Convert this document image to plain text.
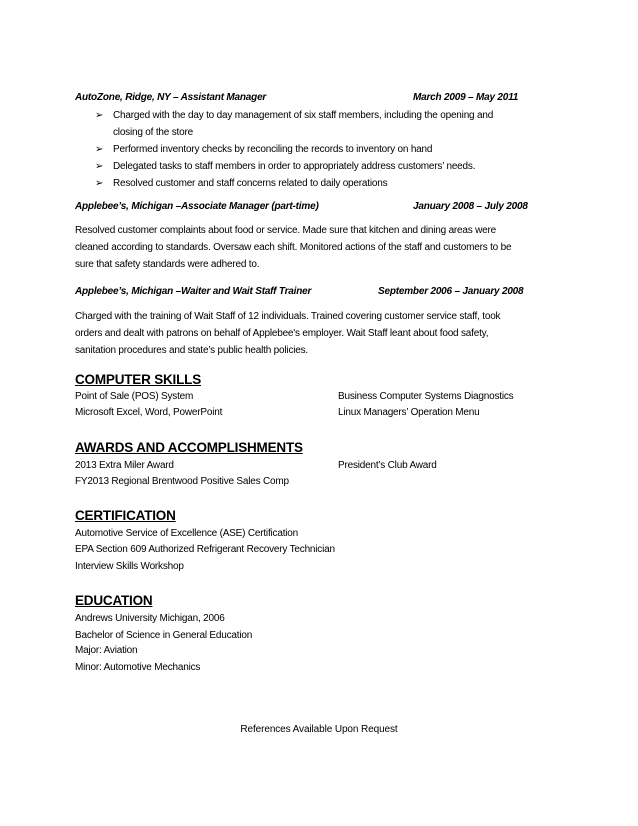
AutoZone, Ridge, NY – Assistant Manager	March 2009 – May 2011
➢ Charged with the day to day management of six staff members, including the opening and
closing of the store
➢ Performed inventory checks by reconciling the records to inventory on hand
➢ Delegated tasks to staff members in order to appropriately address customers’ needs.
➢ Resolved customer and staff concerns related to daily operations
Applebee’s, Michigan –Associate Manager (part-time)	January 2008 – July 2008
Resolved customer complaints about food or service. Made sure that kitchen and dining areas were
cleaned according to standards. Oversaw each shift. Monitored actions of the staff and customers to be
sure that safety standards were adhered to.
Applebee’s, Michigan –Waiter and Wait Staff Trainer	September 2006 – January 2008
Charged with the training of Wait Staff of 12 individuals. Trained covering customer service staff, took
orders and dealt with patrons on behalf of Applebee's employer. Wait Staff leant about food safety,
sanitation procedures and state’s public health policies.
COMPUTER SKILLS
Point of Sale (POS) System	Business Computer Systems Diagnostics
Microsoft Excel, Word, PowerPoint	Linux Managers’ Operation Menu
AWARDS AND ACCOMPLISHMENTS
2013 Extra Miler Award	President’s Club Award
FY2013 Regional Brentwood Positive Sales Comp
CERTIFICATION
Automotive Service of Excellence (ASE) Certification
EPA Section 609 Authorized Refrigerant Recovery Technician
Interview Skills Workshop
EDUCATION
Andrews University Michigan, 2006
Bachelor of Science in General Education
Major: Aviation
Minor: Automotive Mechanics
References Available Upon Request
